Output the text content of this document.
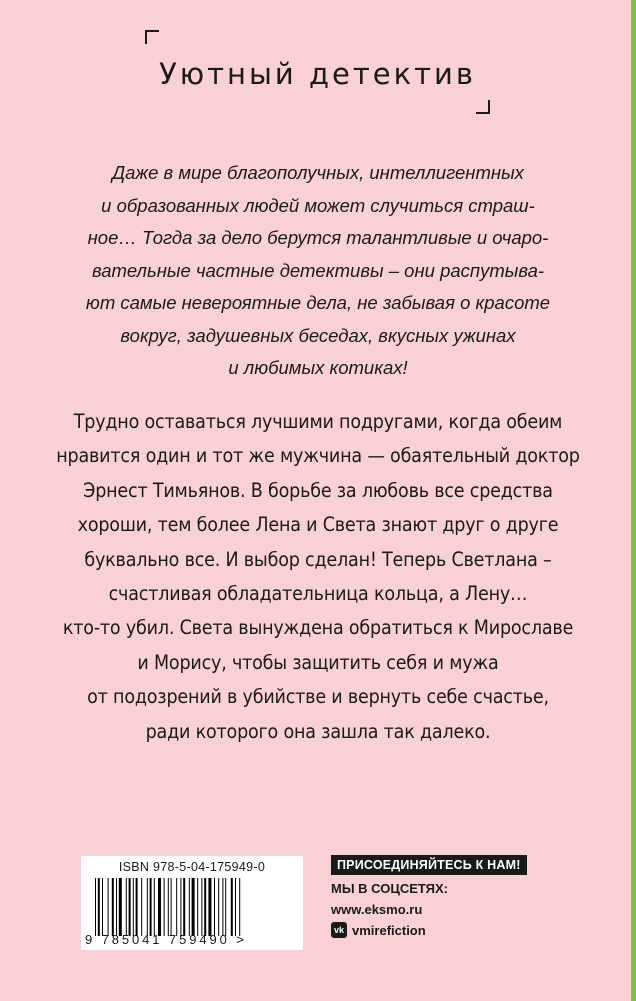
Уютный детектив
Даже в мире благополучных, интеллигентных
и образованных людей может случиться страш-
ное… Тогда за дело берутся талантливые и очаро-
вательные частные детективы – они распутыва-
ют самые невероятные дела, не забывая о красоте
вокруг, задушевных беседах, вкусных ужинах
и любимых котиках!
Трудно оставаться лучшими подругами, когда обеим
нравится один и тот же мужчина — обаятельный доктор
Эрнест Тимьянов. В борьбе за любовь все средства
хороши, тем более Лена и Света знают друг о друге
буквально все. И выбор сделан! Теперь Светлана –
счастливая обладательница кольца, а Лену…
кто-то убил. Света вынуждена обратиться к Мирославе
и Морису, чтобы защитить себя и мужа
от подозрений в убийстве и вернуть себе счастье,
ради которого она зашла так далеко.
ISBN 978-5-04-175949-0
9 785041 759490 >
ПРИСОЕДИНЯЙТЕСЬ К НАМ!
МЫ В СОЦСЕТЯХ:
www.eksmo.ru
vk vmirefiction
